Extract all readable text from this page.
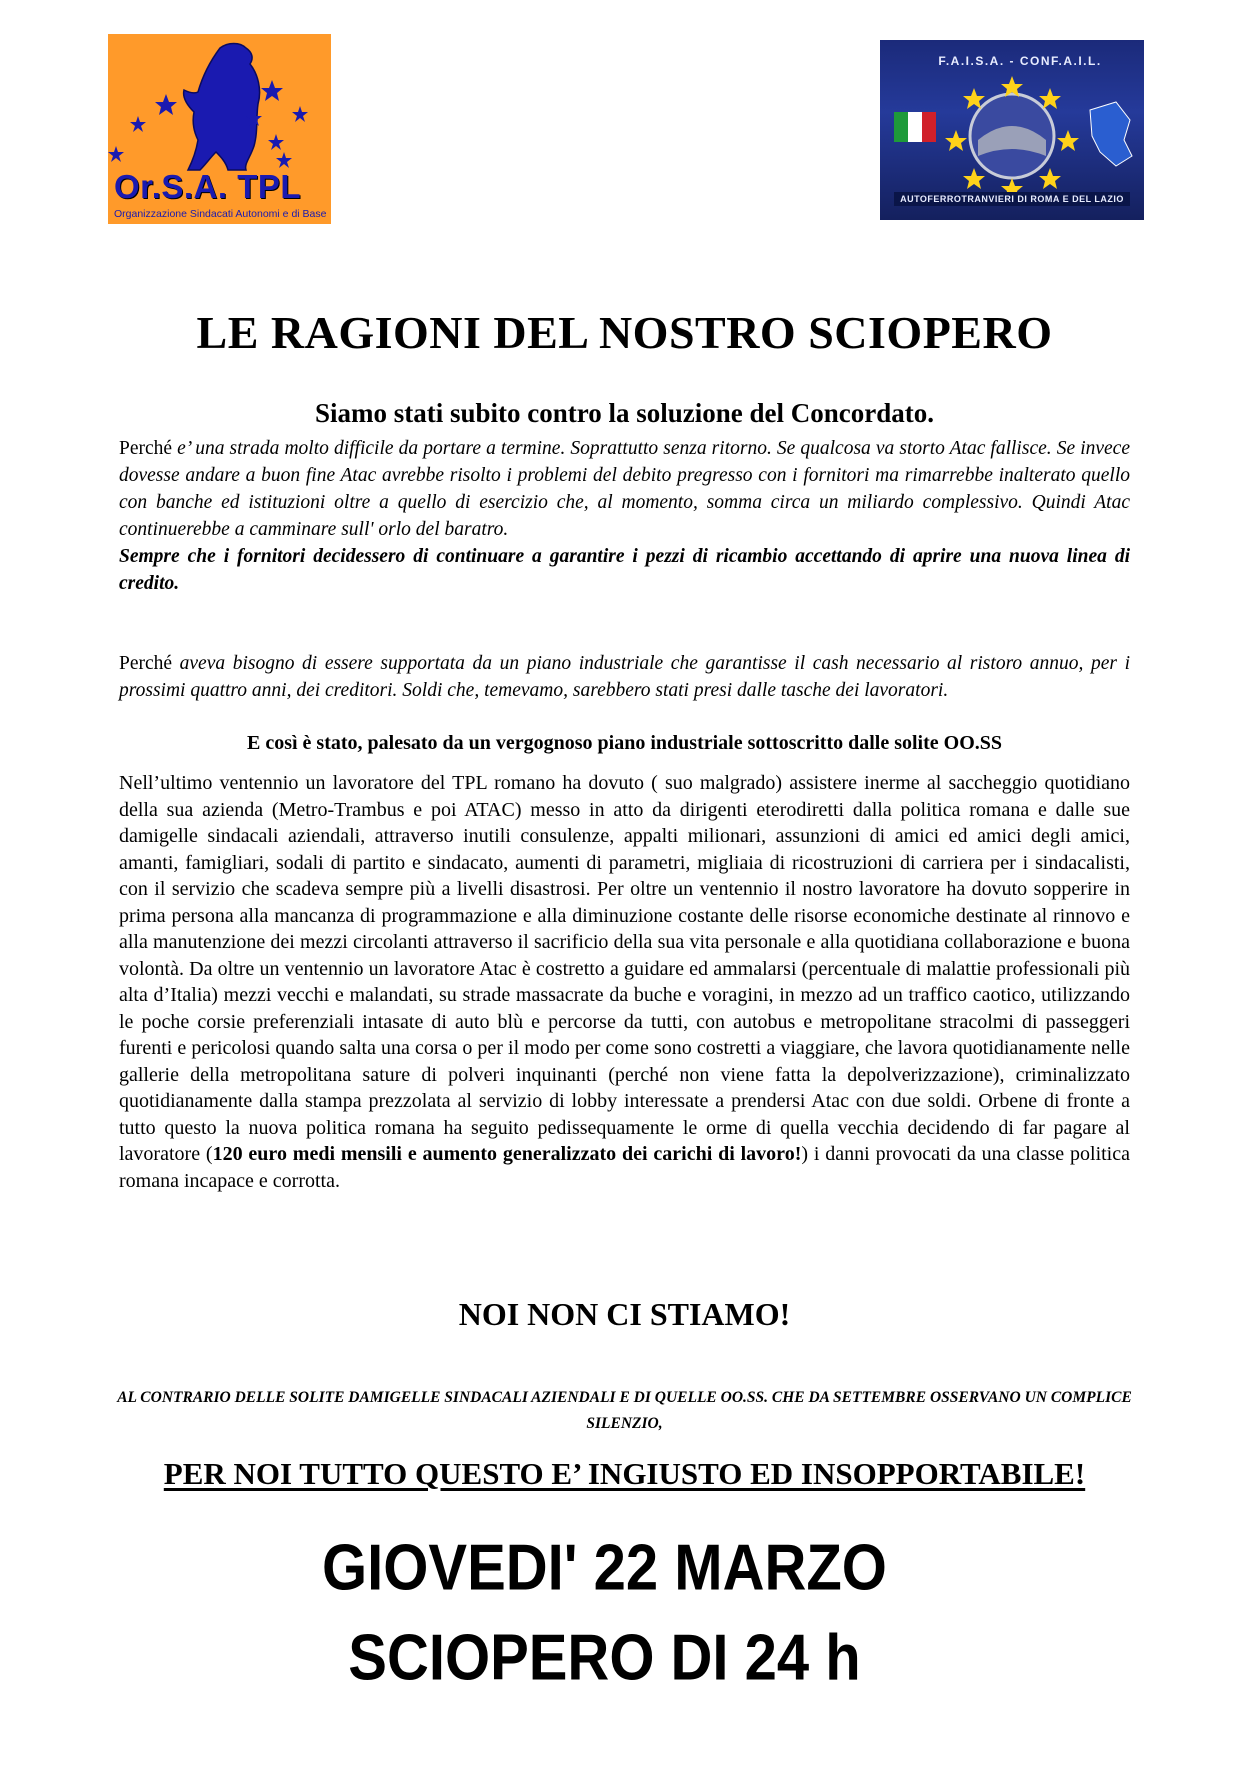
Or.S.A. TPL
Organizzazione Sindacati Autonomi e di Base
F.A.I.S.A. - CONF.A.I.L.
AUTOFERROTRANVIERI DI ROMA E DEL LAZIO
LE RAGIONI DEL NOSTRO SCIOPERO
Siamo stati subito contro la soluzione del Concordato.

Perché e’ una strada molto difficile da portare a termine. Soprattutto senza ritorno. Se qualcosa va storto Atac fallisce. Se invece dovesse andare a buon fine Atac avrebbe risolto i problemi del debito pregresso con i fornitori ma rimarrebbe inalterato quello con banche ed istituzioni oltre a quello di esercizio che, al momento, somma circa un miliardo complessivo. Quindi Atac continuerebbe a camminare sull' orlo del baratro.

Sempre che i fornitori decidessero di continuare a garantire i pezzi di ricambio accettando di aprire una nuova linea di credito.

Perché aveva bisogno di essere supportata da un piano industriale che garantisse il cash necessario al ristoro annuo, per i prossimi quattro anni, dei creditori. Soldi che, temevamo, sarebbero stati presi dalle tasche dei lavoratori.

E così è stato, palesato da un vergognoso piano industriale sottoscritto dalle solite OO.SS

Nell’ultimo ventennio un lavoratore del TPL romano ha dovuto ( suo malgrado) assistere inerme al saccheggio quotidiano della sua azienda (Metro-Trambus e poi ATAC) messo in atto da dirigenti eterodiretti dalla politica romana e dalle sue damigelle sindacali aziendali, attraverso inutili consulenze, appalti milionari, assunzioni di amici ed amici degli amici, amanti, famigliari, sodali di partito e sindacato, aumenti di parametri, migliaia di ricostruzioni di carriera per i sindacalisti, con il servizio che scadeva sempre più a livelli disastrosi. Per oltre un ventennio il nostro lavoratore ha dovuto sopperire in prima persona alla mancanza di programmazione e alla diminuzione costante delle risorse economiche destinate al rinnovo e alla manutenzione dei mezzi circolanti attraverso il sacrificio della sua vita personale e alla quotidiana collaborazione e buona volontà. Da oltre un ventennio un lavoratore Atac è costretto a guidare ed ammalarsi (percentuale di malattie professionali più alta d’Italia) mezzi vecchi e malandati, su strade massacrate da buche e voragini, in mezzo ad un traffico caotico, utilizzando le poche corsie preferenziali intasate di auto blù e percorse da tutti, con autobus e metropolitane stracolmi di passeggeri furenti e pericolosi quando salta una corsa o per il modo per come sono costretti a viaggiare, che lavora quotidianamente nelle gallerie della metropolitana sature di polveri inquinanti (perché non viene fatta la depolverizzazione), criminalizzato quotidianamente dalla stampa prezzolata al servizio di lobby interessate a prendersi Atac con due soldi. Orbene di fronte a tutto questo la nuova politica romana ha seguito pedissequamente le orme di quella vecchia decidendo di far pagare al lavoratore (120 euro medi mensili e aumento generalizzato dei carichi di lavoro!) i danni provocati da una classe politica romana incapace e corrotta.

NOI NON CI STIAMO!
AL CONTRARIO DELLE SOLITE DAMIGELLE SINDACALI AZIENDALI E DI QUELLE OO.SS. CHE DA SETTEMBRE OSSERVANO UN COMPLICE SILENZIO,
PER NOI TUTTO QUESTO E’ INGIUSTO ED INSOPPORTABILE!
GIOVEDI' 22 MARZO
SCIOPERO DI 24 h
